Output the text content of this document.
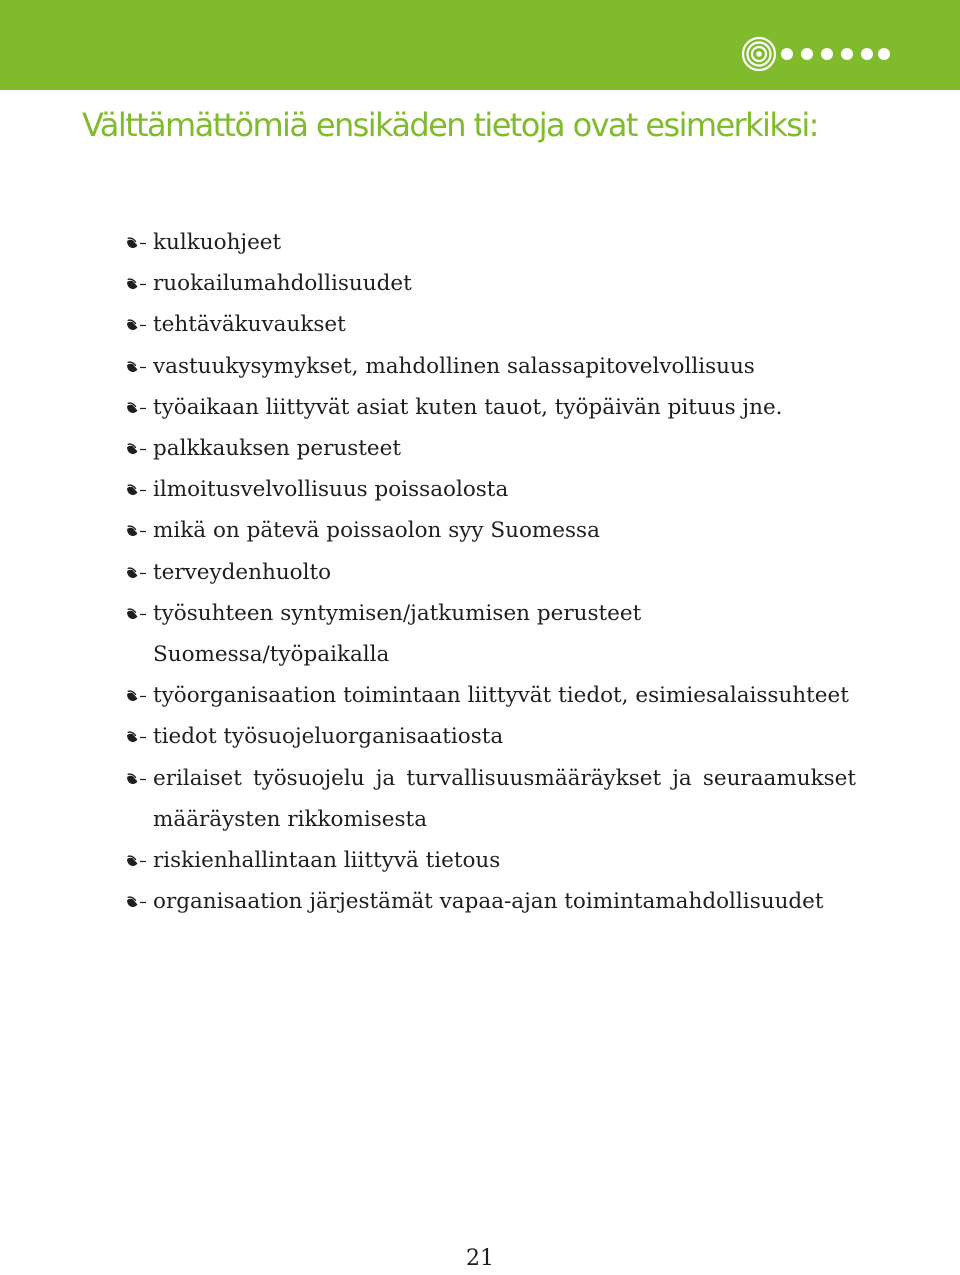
Välttämättömiä ensikäden tietoja ovat esimerkiksi:
kulkuohjeet
ruokailumahdollisuudet
tehtäväkuvaukset
vastuukysymykset, mahdollinen salassapitovelvollisuus
työaikaan liittyvät asiat kuten tauot, työpäivän pituus jne.
palkkauksen perusteet
ilmoitusvelvollisuus poissaolosta
mikä on pätevä poissaolon syy Suomessa
terveydenhuolto
työsuhteen syntymisen/jatkumisen perusteet Suomessa/työpaikalla
työorganisaation toimintaan liittyvät tiedot, esimiesalaissuhteet
tiedot työsuojeluorganisaatiosta
erilaiset työsuojelu ja turvallisuusmääräykset ja seuraamukset määräysten rikkomisesta
riskienhallintaan liittyvä tietous
organisaation järjestämät vapaa-ajan toimintamahdollisuudet
21
